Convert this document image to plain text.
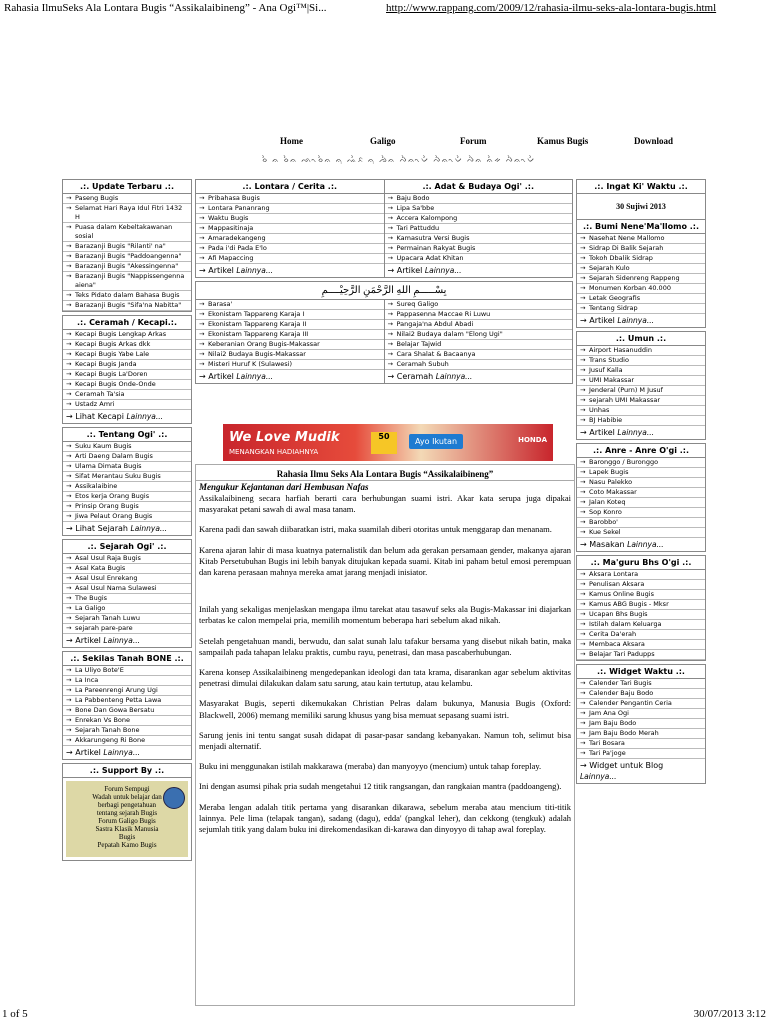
Rahasia IlmuSeks Ala Lontara Bugis “Assikalaibineng” - Ana Ogi™|Si...	http://www.rappang.com/2009/12/rahasia-ilmu-seks-ala-lontara-bugis.html
Home	Galigo	Forum	Kamus Bugis	Download
ᨔᨛ ᨊ ᨔᨛᨊ ᨒᨚᨔᨛᨊ ᨊᨘ ᨕᨛᨅ ᨊᨘ ᨌᨛᨊ ᨄᨛᨊᨚᨆᨛ ᨄᨛᨊᨚᨆᨛ ᨄᨛᨊ ᨊᨛᨀ ᨄᨛᨊᨚᨆᨛ
.:. Update Terbaru .:.
→ Paseng Bugis
→ Selamat Hari Raya Idul Fitri 1432 H
→ Puasa dalam Kebeltakawanan sosial
→ Barazanji Bugis "Rilanti' na"
→ Barazanji Bugis "Paddoangenna"
→ Barazanji Bugis "Akessingenna"
→ Barazanji Bugis "Nappissengenna aiena"
→ Teks Pidato dalam Bahasa Bugis
→ Barazanji Bugis "Sifa'na Nabitta"
.:. Ceramah / Kecapi.:.
→ Kecapi Bugis Lengkap Arkas
→ Kecapi Bugis Arkas dkk
→ Kecapi Bugis Yabe Lale
→ Kecapi Bugis Janda
→ Kecapi Bugis La'Doren
→ Kecapi Bugis Onde-Onde
→ Ceramah Ta'sia
→ Ustadz Amri
→ Lihat Kecapi Lainnya...
.:. Tentang Ogi' .:.
→ Suku Kaum Bugis
→ Arti Daeng Dalam Bugis
→ Ulama Dimata Bugis
→ Sifat Merantau Suku Bugis
→ Assikalaibine
→ Etos kerja Orang Bugis
→ Prinsip Orang Bugis
→ Jiwa Pelaut Orang Bugis
→ Lihat Sejarah Lainnya...
.:. Sejarah Ogi' .:.
→ Asal Usul Raja Bugis
→ Asal Kata Bugis
→ Asal Usul Enrekang
→ Asal Usul Nama Sulawesi
→ The Bugis
→ La Galigo
→ Sejarah Tanah Luwu
→ sejarah pare-pare
→ Artikel Lainnya...
.:. Sekilas Tanah BONE .:.
→ La Uliyo Bote'E
→ La Inca
→ La Pareenrengi Arung Ugi
→ La Pabbenteng Petta Lawa
→ Bone Dan Gowa Bersatu
→ Enrekan Vs Bone
→ Sejarah Tanah Bone
→ Akkarungeng Ri Bone
→ Artikel Lainnya...
.:. Support By .:.
Forum Sempugi
Wadah untuk belajar dan
berbagi pengetahuan
tentang sejarah Bugis
Forum Galigo Bugis
Sastra Klasik Manusia
Bugis
Pepatah Kamo Bugis
.:. Lontara / Cerita .:.
→ Pribahasa Bugis
→ Lontara Pananrang
→ Waktu Bugis
→ Mappasitinaja
→ Amaradekangeng
→ Pada i'di Pada E'lo
→ Afi Mapaccing
→ Artikel Lainnya...
.:. Adat & Budaya Ogi' .:.
→ Baju Bodo
→ Lipa Sa'bbe
→ Accera Kalompong
→ Tari Pattuddu
→ Kamasutra Versi Bugis
→ Permainan Rakyat Bugis
→ Upacara Adat Khitan
→ Artikel Lainnya...
بِسْـــــمِ اللهِ الرَّحْمَنِ الرَّحِيْــــمِ
→ Barasa'
→ Ekonistam Tappareng Karaja I
→ Ekonistam Tappareng Karaja II
→ Ekonistam Tappareng Karaja III
→ Keberanian Orang Bugis-Makassar
→ Nilai2 Budaya Bugis-Makassar
→ Misteri Huruf K (Sulawesi)
→ Artikel Lainnya...
→ Sureq Galigo
→ Pappasenna Maccae Ri Luwu
→ Pangaja'na Abdul Abadi
→ Nilai2 Budaya dalam "Elong Ugi"
→ Belajar Tajwid
→ Cara Shalat & Bacaanya
→ Ceramah Subuh
→ Ceramah Lainnya...
We Love Mudik
MENANGKAN HADIAHNYA
50
Ayo Ikutan	HONDA
Rahasia Ilmu Seks Ala Lontara Bugis “Assikalaibineng”
Mengukur Kejantanan dari Hembusan Nafas

Assikalaibineng secara harfiah berarti cara berhubungan suami istri. Akar kata serupa juga dipakai masyarakat petani sawah di awal masa tanam.

Karena padi dan sawah diibaratkan istri, maka suamilah diberi otoritas untuk menggarap dan menanam.

Karena ajaran lahir di masa kuatnya paternalistik dan belum ada gerakan persamaan gender, makanya ajaran Kitab Persetubuhan Bugis ini lebih banyak ditujukan kepada suami. Kitab ini paham betul emosi perempuan dan karena perasaan mahnya mereka amat jarang menjadi inisiator.

Inilah yang sekaligas menjelaskan mengapa ilmu tarekat atau tasawuf seks ala Bugis-Makassar ini diajarkan terbatas ke calon mempelai pria, memilih momentum beberapa hari sebelum akad nikah.

Setelah pengetahuan mandi, berwudu, dan salat sunah lalu tafakur bersama yang disebut nikah batin, maka sampailah pada tahapan lelaku praktis, cumbu rayu, penetrasi, dan masa pascaberhubungan.

Karena konsep Assikalaibineng mengedepankan ideologi dan tata krama, disarankan agar sebelum aktivitas penetrasi dimulai dilakukan dalam satu sarung, atau kain tertutup, atau kelambu.

Masyarakat Bugis, seperti dikemukakan Christian Pelras dalam bukunya, Manusia Bugis (Oxford: Blackwell, 2006) memang memiliki sarung khusus yang bisa memuat sepasang suami istri.

Sarung jenis ini tentu sangat susah didapat di pasar-pasar sandang kebanyakan. Namun toh, selimut bisa menjadi alternatif.

Buku ini menggunakan istilah makkarawa (meraba) dan manyoyyo (mencium) untuk tahap foreplay.

Ini dengan asumsi pihak pria sudah mengetahui 12 titik rangsangan, dan rangkaian mantra (paddoangeng).

Meraba lengan adalah titik pertama yang disarankan dikarawa, sebelum meraba atau mencium titi-titik lainnya. Pele lima (telapak tangan), sadang (dagu), edda' (pangkal leher), dan cekkong (tengkuk) adalah sejumlah titik yang dalam buku ini direkomendasikan di-karawa dan dinyoyyo di tahap awal foreplay.

.:. Ingat Ki' Waktu .:.
30 Sujiwi 2013
.:. Bumi Nene'Ma'llomo .:.
→ Nasehat Nene Mallomo
→ Sidrap Di Balik Sejarah
→ Tokoh Dbalik Sidrap
→ Sejarah Kulo
→ Sejarah Sidenreng Rappeng
→ Monumen Korban 40.000
→ Letak Geografis
→ Tentang Sidrap
→ Artikel Lainnya...
.:. Umun .:.
→ Airport Hasanuddin
→ Trans Studio
→ Jusuf Kalla
→ UMI Makassar
→ Jenderal (Purn) M Jusuf
→ sejarah UMI Makassar
→ Unhas
→ BJ Habibie
→ Artikel Lainnya...
.:. Anre - Anre O'gi .:.
→ Baronggo / Buronggo
→ Lapek Bugis
→ Nasu Palekko
→ Coto Makassar
→ Jalan Koteq
→ Sop Konro
→ Barobbo'
→ Kue Sekel
→ Masakan Lainnya...
.:. Ma'guru Bhs O'gi .:.
→ Aksara Lontara
→ Penulisan Aksara
→ Kamus Online Bugis
→ Kamus ABG Bugis - Mksr
→ Ucapan Bhs Bugis
→ Istilah dalam Keluarga
→ Cerita Da'erah
→ Membaca Aksara
→ Belajar Tari Padupps
.:. Widget Waktu .:.
→ Calender Tari Bugis
→ Calender Baju Bodo
→ Calender Pengantin Ceria
→ Jam Ana Ogi
→ Jam Baju Bodo
→ Jam Baju Bodo Merah
→ Tari Bosara
→ Tari Pa'joge
→ Widget untuk Blog
Lainnya...
1 of 5	30/07/2013 3:12
